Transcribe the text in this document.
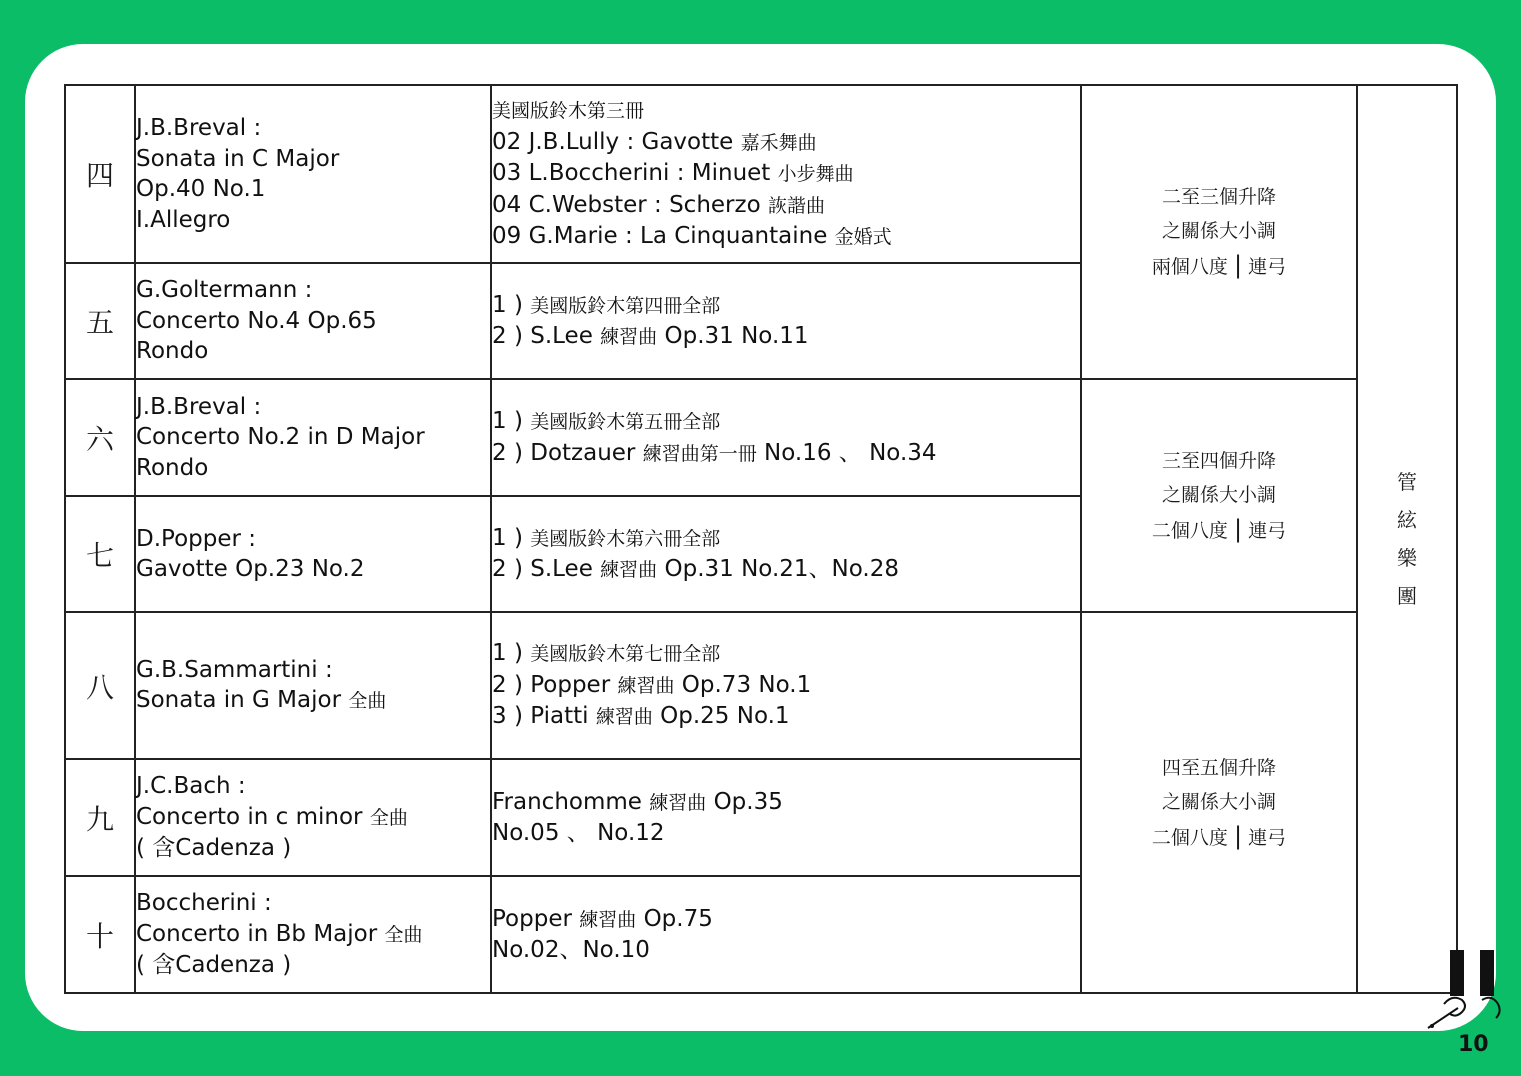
四	J.B.Breval :
Sonata in C Major
Op.40 No.1
I.Allegro	美國版鈴木第三冊
02 J.B.Lully : Gavotte 嘉禾舞曲
03 L.Boccherini : Minuet 小步舞曲
04 C.Webster : Scherzo 詼諧曲
09 G.Marie : La Cinquantaine 金婚式	二至三個升降
之關係大小調
兩個八度 | 連弓	管
絃
樂
團

五	G.Goltermann :
Concerto No.4 Op.65
Rondo	1 ) 美國版鈴木第四冊全部
2 ) S.Lee 練習曲 Op.31 No.11		

六	J.B.Breval :
Concerto No.2 in D Major
Rondo	1 ) 美國版鈴木第五冊全部
2 ) Dotzauer 練習曲第一冊 No.16 、 No.34	三至四個升降
之關係大小調
二個八度 | 連弓	

七	D.Popper :
Gavotte Op.23 No.2	1 ) 美國版鈴木第六冊全部
2 ) S.Lee 練習曲 Op.31 No.21、No.28		

八	G.B.Sammartini :
Sonata in G Major 全曲	1 ) 美國版鈴木第七冊全部
2 ) Popper 練習曲 Op.73 No.1
3 ) Piatti 練習曲 Op.25 No.1	四至五個升降
之關係大小調
二個八度 | 連弓	

九	J.C.Bach :
Concerto in c minor 全曲
( 含Cadenza )	Franchomme 練習曲 Op.35
No.05 、 No.12		

十	Boccherini :
Concerto in Bb Major 全曲
( 含Cadenza )	Popper 練習曲 Op.75
No.02、No.10		
10
